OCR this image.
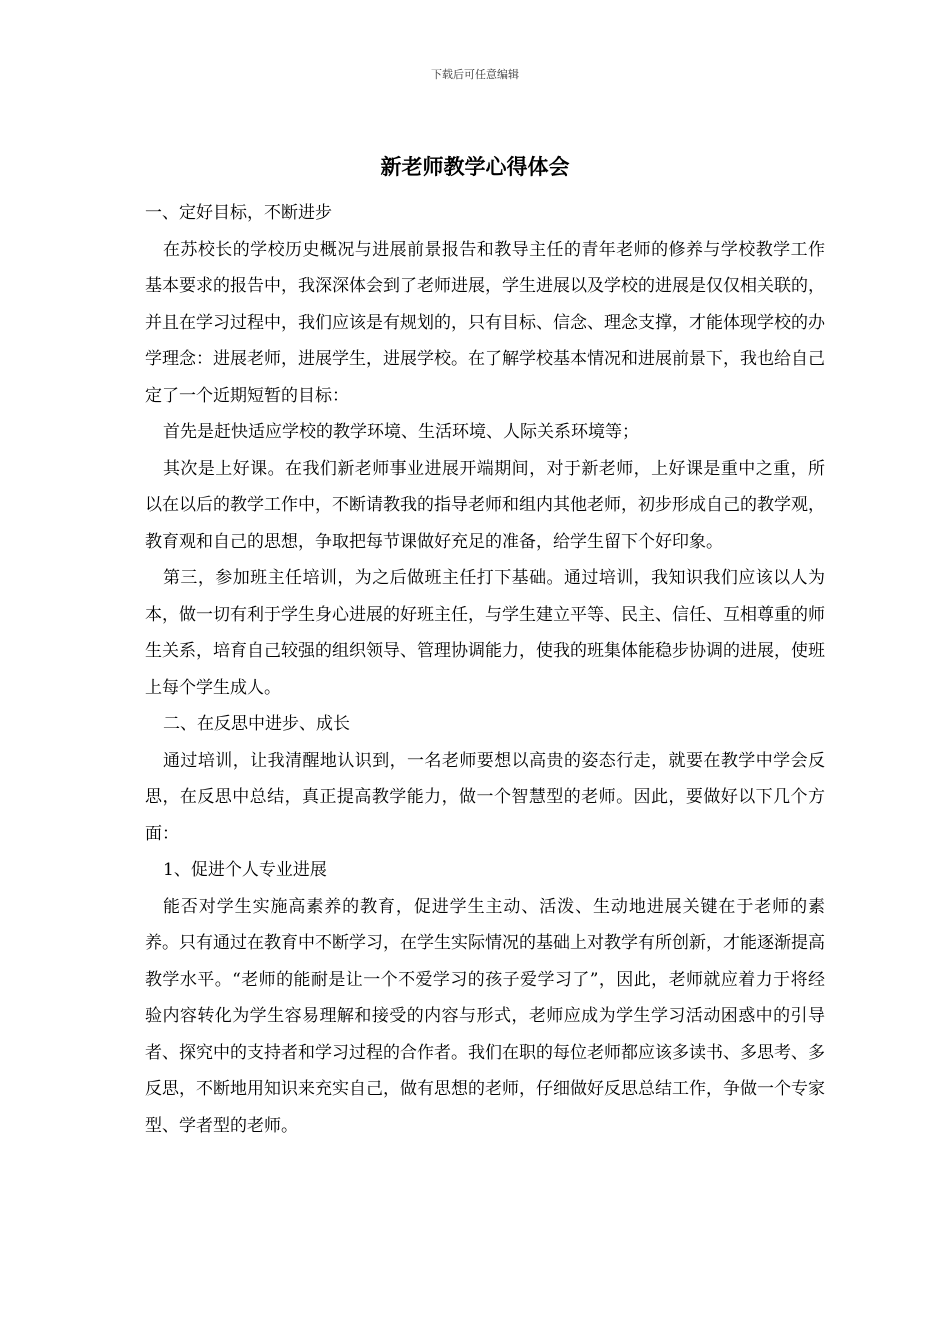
下载后可任意编辑
新老师教学心得体会

一、定好目标，不断进步

在苏校长的学校历史概况与进展前景报告和教导主任的青年老师的修养与学校教学工作基本要求的报告中，我深深体会到了老师进展，学生进展以及学校的进展是仅仅相关联的，并且在学习过程中，我们应该是有规划的，只有目标、信念、理念支撑，才能体现学校的办学理念：进展老师，进展学生，进展学校。在了解学校基本情况和进展前景下，我也给自己定了一个近期短暂的目标：

首先是赶快适应学校的教学环境、生活环境、人际关系环境等；

其次是上好课。在我们新老师事业进展开端期间，对于新老师，上好课是重中之重，所以在以后的教学工作中，不断请教我的指导老师和组内其他老师，初步形成自己的教学观，教育观和自己的思想，争取把每节课做好充足的准备，给学生留下个好印象。

第三，参加班主任培训，为之后做班主任打下基础。通过培训，我知识我们应该以人为本，做一切有利于学生身心进展的好班主任，与学生建立平等、民主、信任、互相尊重的师生关系，培育自己较强的组织领导、管理协调能力，使我的班集体能稳步协调的进展，使班上每个学生成人。

二、在反思中进步、成长

通过培训，让我清醒地认识到，一名老师要想以高贵的姿态行走，就要在教学中学会反思，在反思中总结，真正提高教学能力，做一个智慧型的老师。因此，要做好以下几个方面：

1、促进个人专业进展

能否对学生实施高素养的教育，促进学生主动、活泼、生动地进展关键在于老师的素养。只有通过在教育中不断学习，在学生实际情况的基础上对教学有所创新，才能逐渐提高教学水平。“老师的能耐是让一个不爱学习的孩子爱学习了”，因此，老师就应着力于将经验内容转化为学生容易理解和接受的内容与形式，老师应成为学生学习活动困惑中的引导者、探究中的支持者和学习过程的合作者。我们在职的每位老师都应该多读书、多思考、多反思，不断地用知识来充实自己，做有思想的老师，仔细做好反思总结工作，争做一个专家型、学者型的老师。
